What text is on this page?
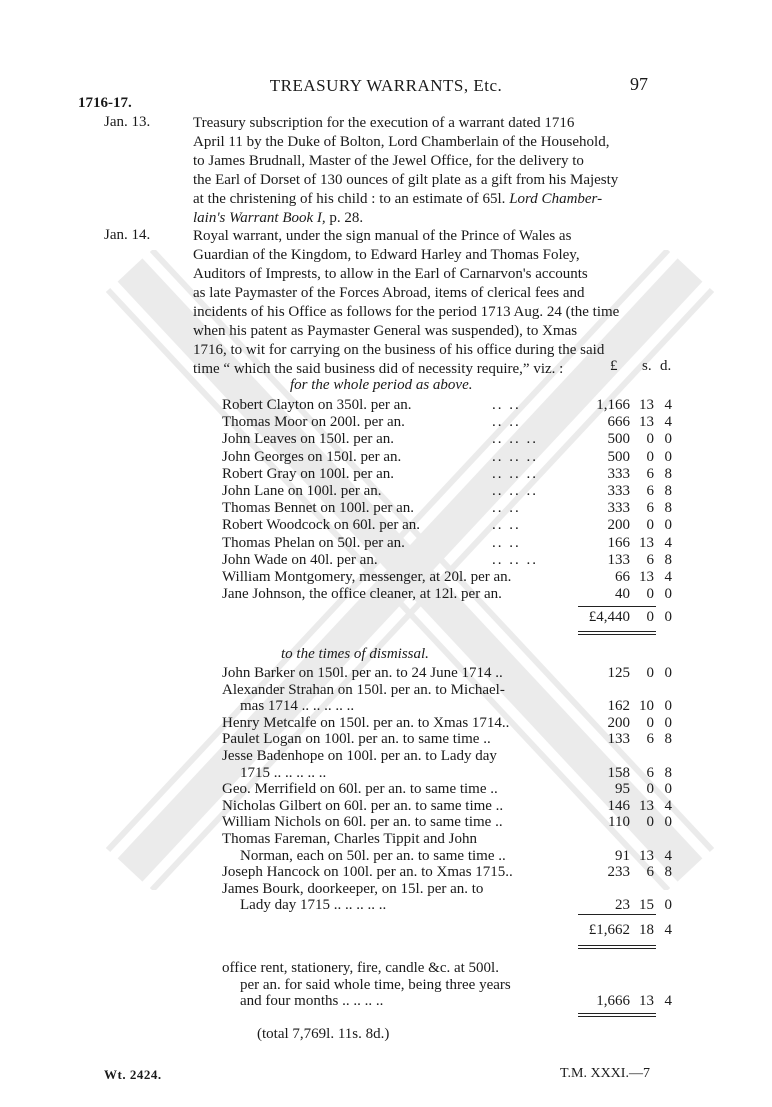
TREASURY WARRANTS, Etc.	97
1716-17.
Jan. 13.	Treasury subscription for the execution of a warrant dated 1716
April 11 by the Duke of Bolton, Lord Chamberlain of the Household,
to James Brudnall, Master of the Jewel Office, for the delivery to
the Earl of Dorset of 130 ounces of gilt plate as a gift from his Majesty
at the christening of his child : to an estimate of 65l. Lord Chamber-
lain's Warrant Book I, p. 28.
Jan. 14.	Royal warrant, under the sign manual of the Prince of Wales as
Guardian of the Kingdom, to Edward Harley and Thomas Foley,
Auditors of Imprests, to allow in the Earl of Carnarvon's accounts
as late Paymaster of the Forces Abroad, items of clerical fees and
incidents of his Office as follows for the period 1713 Aug. 24 (the time
when his patent as Paymaster General was suspended), to Xmas
1716, to wit for carrying on the business of his office during the said
time “ which the said business did of necessity require,” viz. :	£ s. d.
for the whole period as above.
Robert Clayton on 350l. per an.	.. ..	1,166 13 4
Thomas Moor on 200l. per an.	.. ..	666 13 4
John Leaves on 150l. per an.	.. .. ..	500	0 0
John Georges on 150l. per an.	.. .. ..	500	0 0
Robert Gray on 100l. per an.	.. .. ..	333	6 8
John Lane on 100l. per an.	.. .. ..	333	6 8
Thomas Bennet on 100l. per an.	.. ..	333	6 8
Robert Woodcock on 60l. per an.	.. ..	200	0 0
Thomas Phelan on 50l. per an.	.. ..	166 13 4
John Wade on 40l. per an.	.. .. ..	133	6 8
William Montgomery, messenger, at 20l. per an.	66 13 4
Jane Johnson, the office cleaner, at 12l. per an.	40	0 0
£4,440	0 0
to the times of dismissal.
John Barker on 150l. per an. to 24 June 1714 ..	125	0 0
Alexander Strahan on 150l. per an. to Michael-
mas 1714 .. .. .. .. ..	162 10 0
Henry Metcalfe on 150l. per an. to Xmas 1714..	200	0 0
Paulet Logan on 100l. per an. to same time ..	133	6 8
Jesse Badenhope on 100l. per an. to Lady day
1715 .. .. .. .. ..	158	6 8
Geo. Merrifield on 60l. per an. to same time ..	95	0 0
Nicholas Gilbert on 60l. per an. to same time ..	146 13 4
William Nichols on 60l. per an. to same time ..	110	0 0
Thomas Fareman, Charles Tippit and John
Norman, each on 50l. per an. to same time ..	91 13 4
Joseph Hancock on 100l. per an. to Xmas 1715..	233	6 8
James Bourk, doorkeeper, on 15l. per an. to
Lady day 1715 .. .. .. .. ..	23 15 0
£1,662 18 4
office rent, stationery, fire, candle &c. at 500l.
per an. for said whole time, being three years
and four months .. .. .. ..	1,666 13 4
(total 7,769l. 11s. 8d.)
Wt. 2424.	T.M. XXXI.—7
